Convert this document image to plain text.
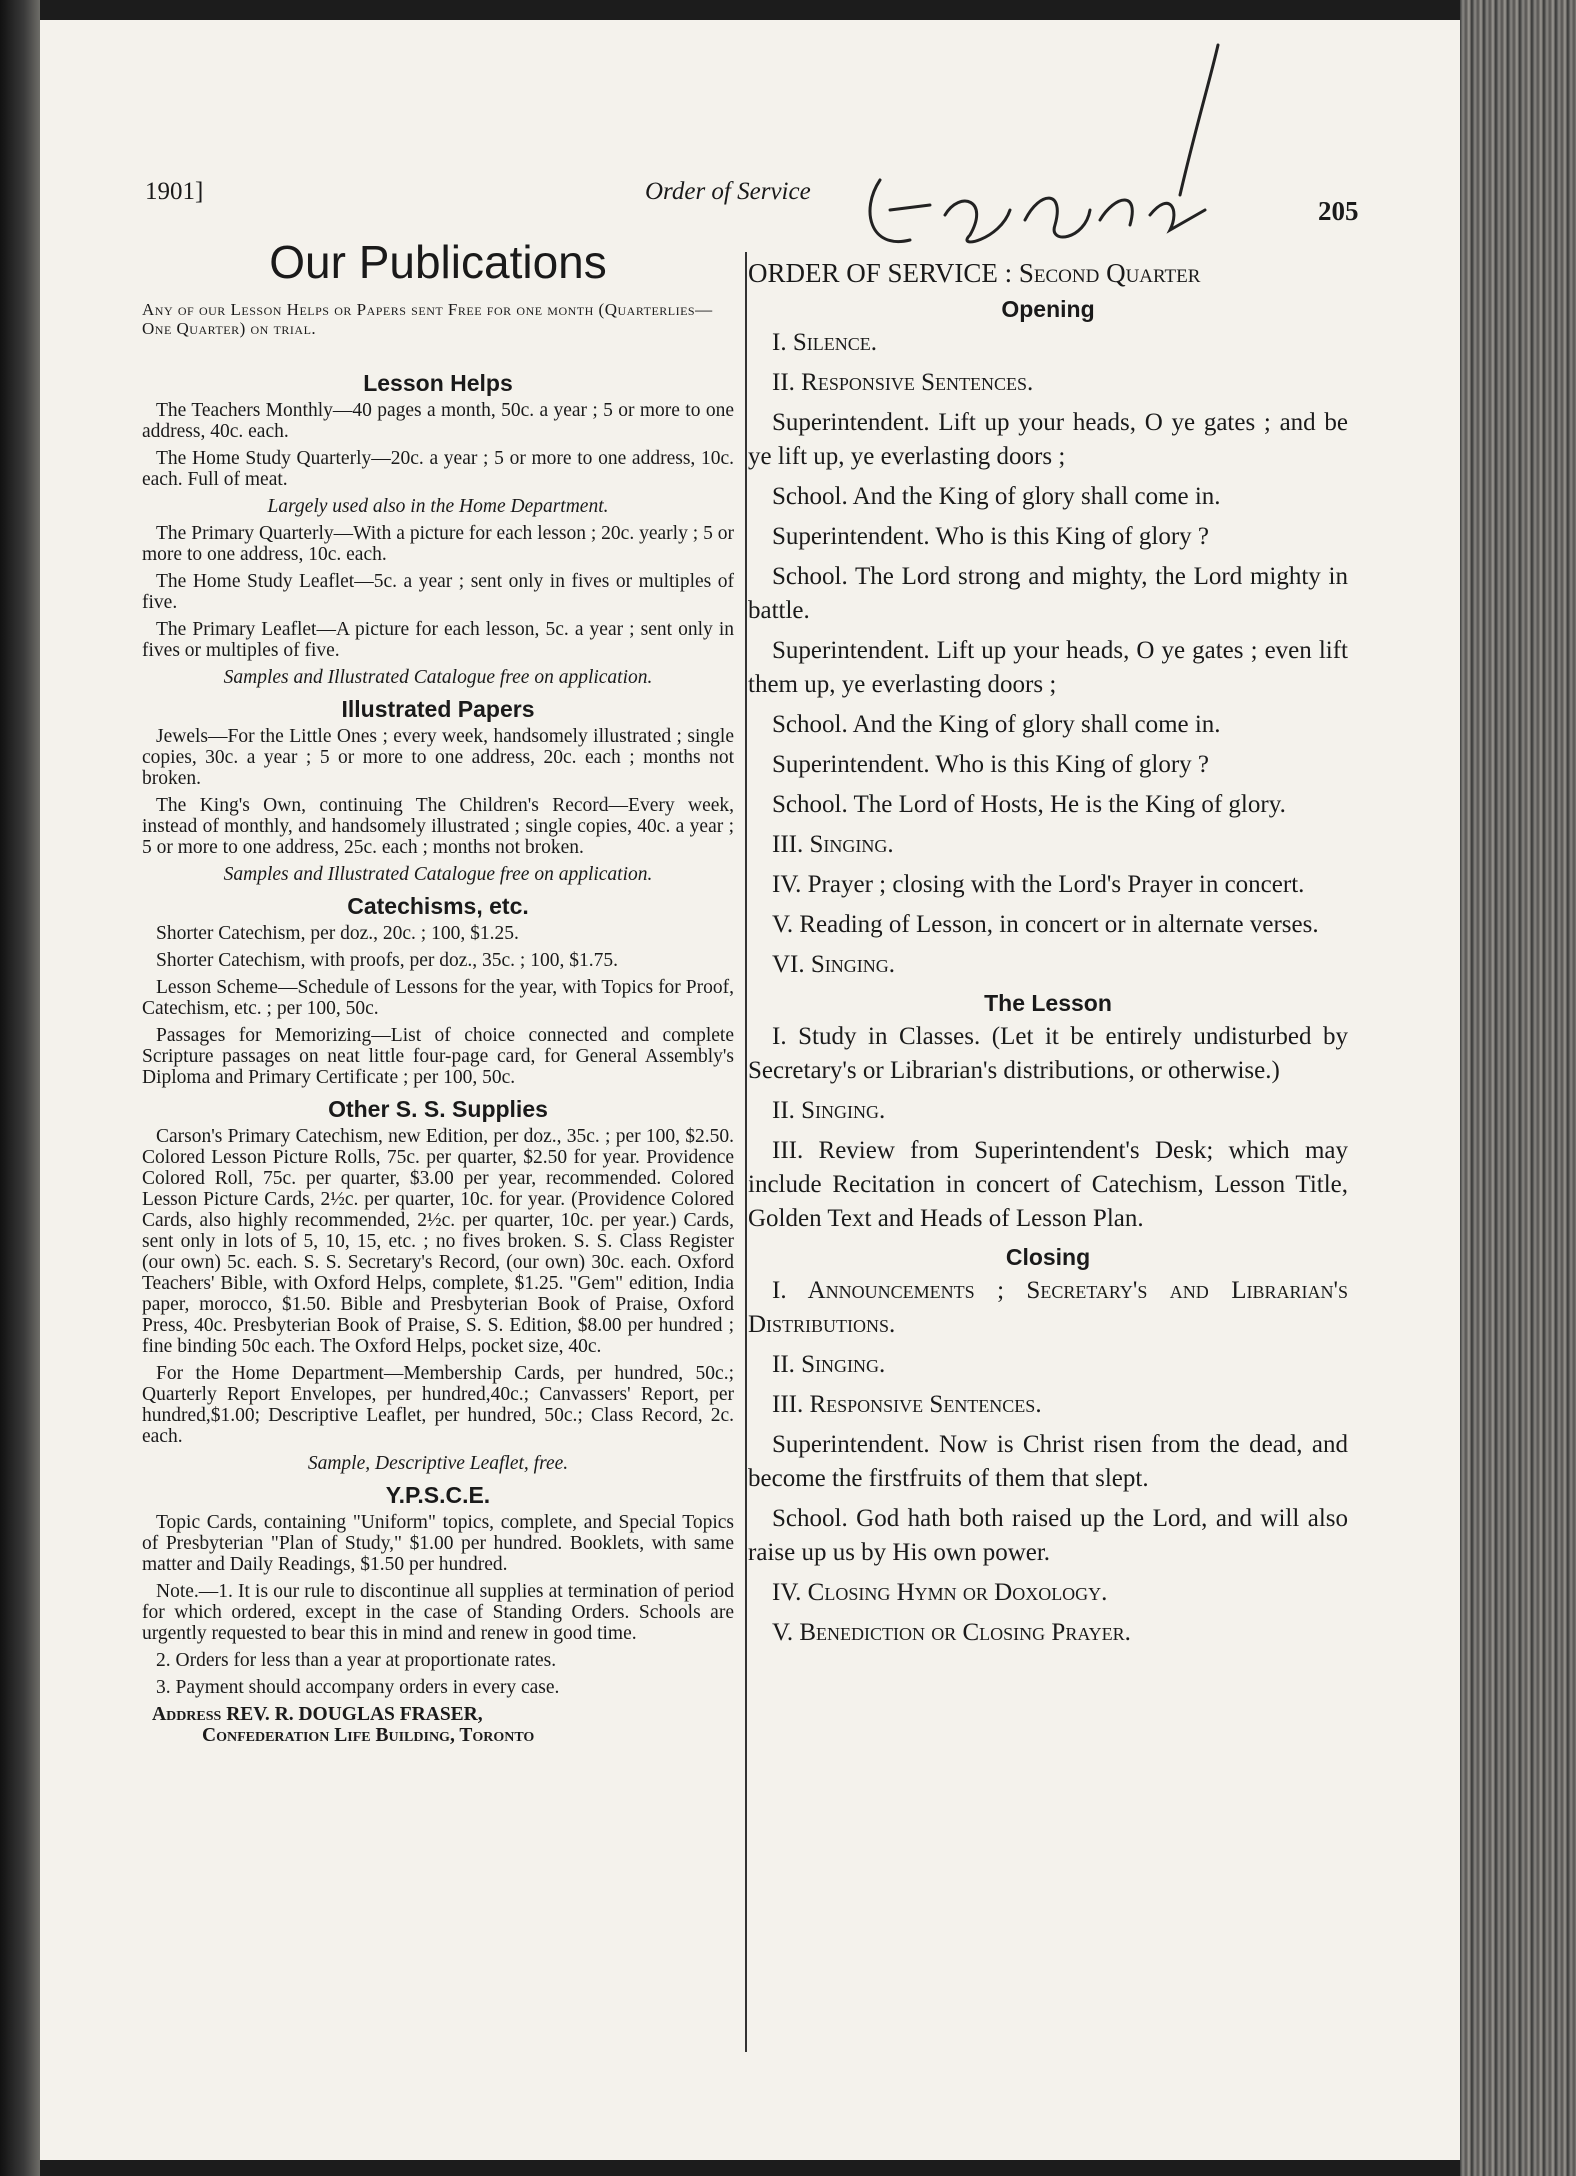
1901]	Order of Service
205
Our Publications

Any of our Lesson Helps or Papers sent Free for one month (Quarterlies—One Quarter) on trial.

Lesson Helps

The Teachers Monthly—40 pages a month, 50c. a year ; 5 or more to one address, 40c. each.

The Home Study Quarterly—20c. a year ; 5 or more to one address, 10c. each. Full of meat.

Largely used also in the Home Department.

The Primary Quarterly—With a picture for each lesson ; 20c. yearly ; 5 or more to one address, 10c. each.

The Home Study Leaflet—5c. a year ; sent only in fives or multiples of five.

The Primary Leaflet—A picture for each lesson, 5c. a year ; sent only in fives or multiples of five.

Samples and Illustrated Catalogue free on application.

Illustrated Papers

Jewels—For the Little Ones ; every week, handsomely illustrated ; single copies, 30c. a year ; 5 or more to one address, 20c. each ; months not broken.

The King's Own, continuing The Children's Record—Every week, instead of monthly, and handsomely illustrated ; single copies, 40c. a year ; 5 or more to one address, 25c. each ; months not broken.

Samples and Illustrated Catalogue free on application.

Catechisms, etc.

Shorter Catechism, per doz., 20c. ; 100, $1.25.

Shorter Catechism, with proofs, per doz., 35c. ; 100, $1.75.

Lesson Scheme—Schedule of Lessons for the year, with Topics for Proof, Catechism, etc. ; per 100, 50c.

Passages for Memorizing—List of choice connected and complete Scripture passages on neat little four-page card, for General Assembly's Diploma and Primary Certificate ; per 100, 50c.

Other S. S. Supplies

Carson's Primary Catechism, new Edition, per doz., 35c. ; per 100, $2.50. Colored Lesson Picture Rolls, 75c. per quarter, $2.50 for year. Providence Colored Roll, 75c. per quarter, $3.00 per year, recommended. Colored Lesson Picture Cards, 2½c. per quarter, 10c. for year. (Providence Colored Cards, also highly recommended, 2½c. per quarter, 10c. per year.) Cards, sent only in lots of 5, 10, 15, etc. ; no fives broken. S. S. Class Register (our own) 5c. each. S. S. Secretary's Record, (our own) 30c. each. Oxford Teachers' Bible, with Oxford Helps, complete, $1.25. "Gem" edition, India paper, morocco, $1.50. Bible and Presbyterian Book of Praise, Oxford Press, 40c. Presbyterian Book of Praise, S. S. Edition, $8.00 per hundred ; fine binding 50c each. The Oxford Helps, pocket size, 40c.

For the Home Department—Membership Cards, per hundred, 50c.; Quarterly Report Envelopes, per hundred,40c.; Canvassers' Report, per hundred,$1.00; Descriptive Leaflet, per hundred, 50c.; Class Record, 2c. each.

Sample, Descriptive Leaflet, free.

Y.P.S.C.E.

Topic Cards, containing "Uniform" topics, complete, and Special Topics of Presbyterian "Plan of Study," $1.00 per hundred. Booklets, with same matter and Daily Readings, $1.50 per hundred.

Note.—1. It is our rule to discontinue all supplies at termination of period for which ordered, except in the case of Standing Orders. Schools are urgently requested to bear this in mind and renew in good time.

2. Orders for less than a year at proportionate rates.

3. Payment should accompany orders in every case.

Address REV. R. DOUGLAS FRASER,

Confederation Life Building, Toronto

ORDER OF SERVICE : Second Quarter
Opening

I. Silence.

II. Responsive Sentences.

Superintendent. Lift up your heads, O ye gates ; and be ye lift up, ye everlasting doors ;

School. And the King of glory shall come in.

Superintendent. Who is this King of glory ?

School. The Lord strong and mighty, the Lord mighty in battle.

Superintendent. Lift up your heads, O ye gates ; even lift them up, ye everlasting doors ;

School. And the King of glory shall come in.

Superintendent. Who is this King of glory ?

School. The Lord of Hosts, He is the King of glory.

III. Singing.

IV. Prayer ; closing with the Lord's Prayer in concert.

V. Reading of Lesson, in concert or in alternate verses.

VI. Singing.

The Lesson

I. Study in Classes. (Let it be entirely undisturbed by Secretary's or Librarian's distributions, or otherwise.)

II. Singing.

III. Review from Superintendent's Desk; which may include Recitation in concert of Catechism, Lesson Title, Golden Text and Heads of Lesson Plan.

Closing

I. Announcements ; Secretary's and Librarian's Distributions.

II. Singing.

III. Responsive Sentences.

Superintendent. Now is Christ risen from the dead, and become the firstfruits of them that slept.

School. God hath both raised up the Lord, and will also raise up us by His own power.

IV. Closing Hymn or Doxology.

V. Benediction or Closing Prayer.
